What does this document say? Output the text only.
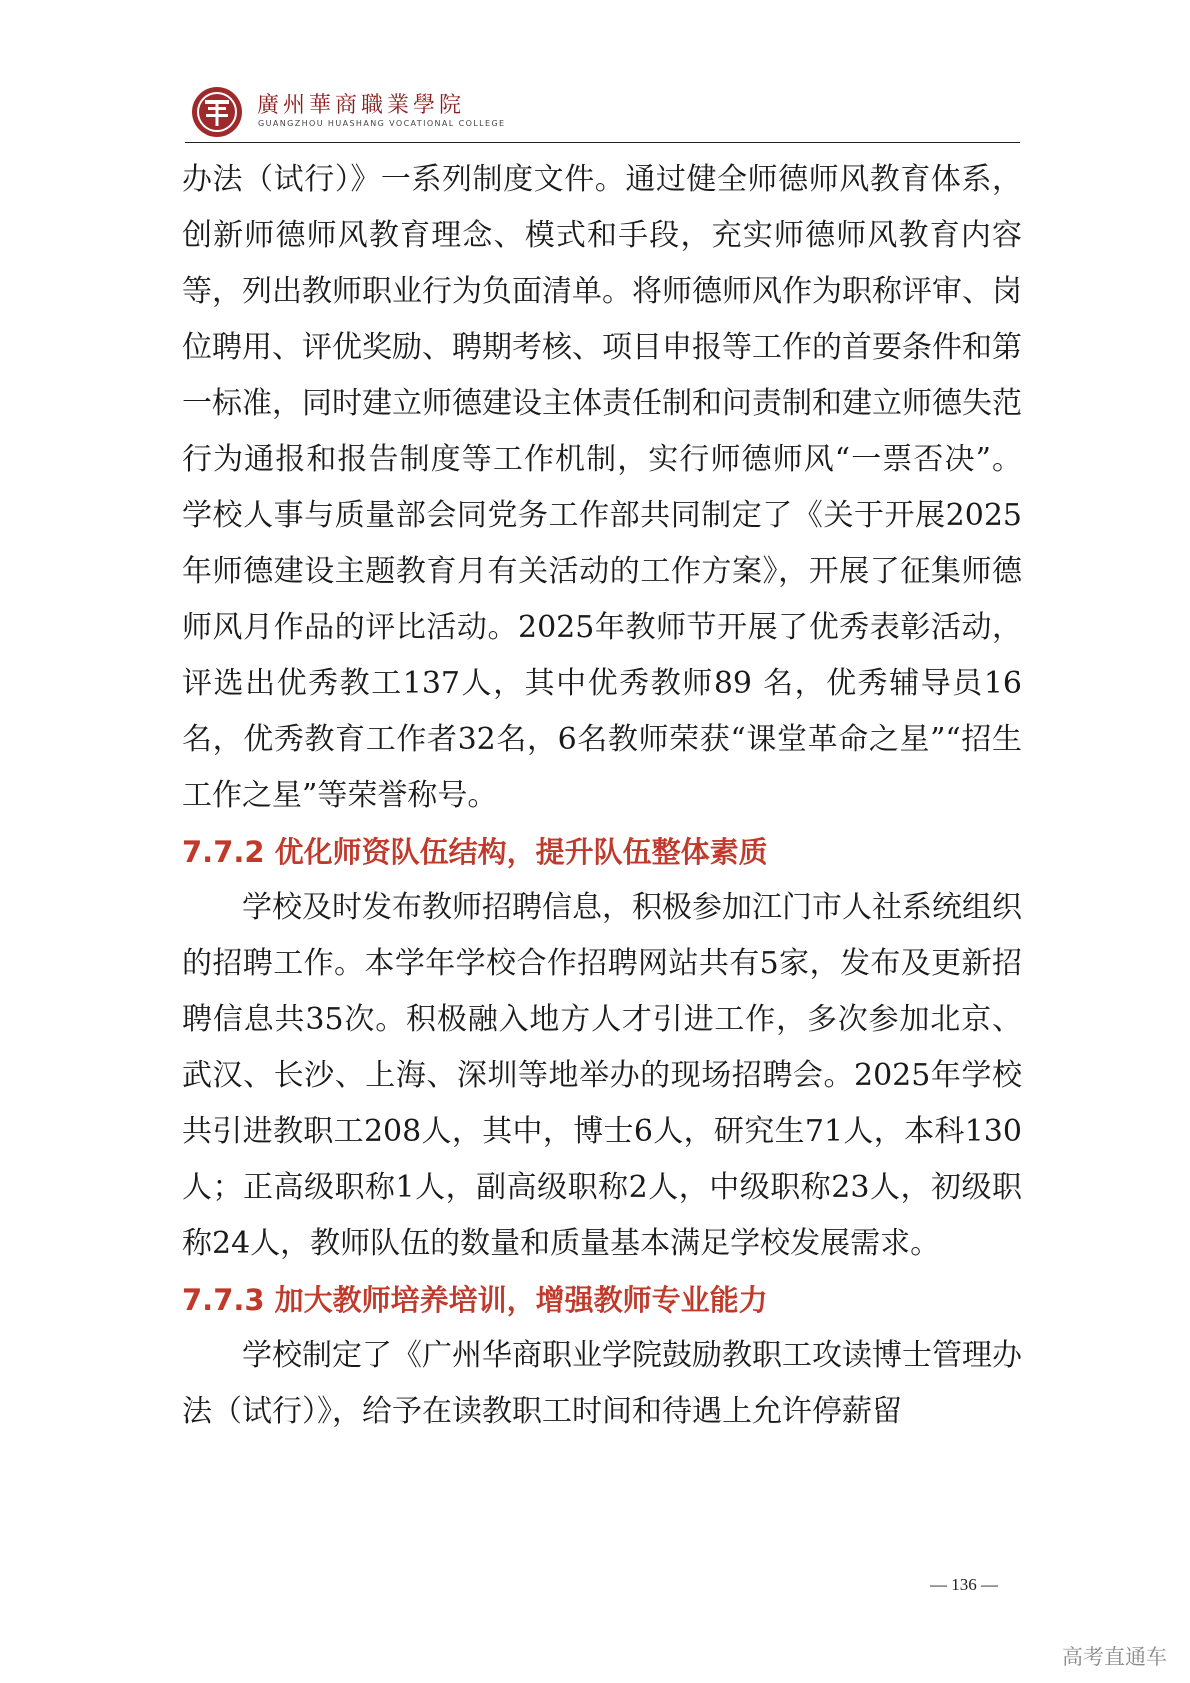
廣州華商職業學院
GUANGZHOU HUASHANG VOCATIONAL COLLEGE

办法（试行）》一系列制度文件。通过健全师德师风教育体系，创新师德师风教育理念、模式和手段，充实师德师风教育内容等，列出教师职业行为负面清单。将师德师风作为职称评审、岗位聘用、评优奖励、聘期考核、项目申报等工作的首要条件和第一标准，同时建立师德建设主体责任制和问责制和建立师德失范行为通报和报告制度等工作机制，实行师德师风“一票否决”。学校人事与质量部会同党务工作部共同制定了《关于开展2025年师德建设主题教育月有关活动的工作方案》，开展了征集师德师风月作品的评比活动。2025年教师节开展了优秀表彰活动，评选出优秀教工137人，其中优秀教师89 名，优秀辅导员16名，优秀教育工作者32名，6名教师荣获“课堂革命之星”“招生工作之星”等荣誉称号。

7.7.2 优化师资队伍结构，提升队伍整体素质

学校及时发布教师招聘信息，积极参加江门市人社系统组织的招聘工作。本学年学校合作招聘网站共有5家，发布及更新招聘信息共35次。积极融入地方人才引进工作，多次参加北京、武汉、长沙、上海、深圳等地举办的现场招聘会。2025年学校共引进教职工208人，其中，博士6人，研究生71人，本科130人；正高级职称1人，副高级职称2人，中级职称23人，初级职称24人，教师队伍的数量和质量基本满足学校发展需求。

7.7.3 加大教师培养培训，增强教师专业能力

学校制定了《广州华商职业学院鼓励教职工攻读博士管理办法（试行）》，给予在读教职工时间和待遇上允许停薪留

— 136 —
高考直通车
